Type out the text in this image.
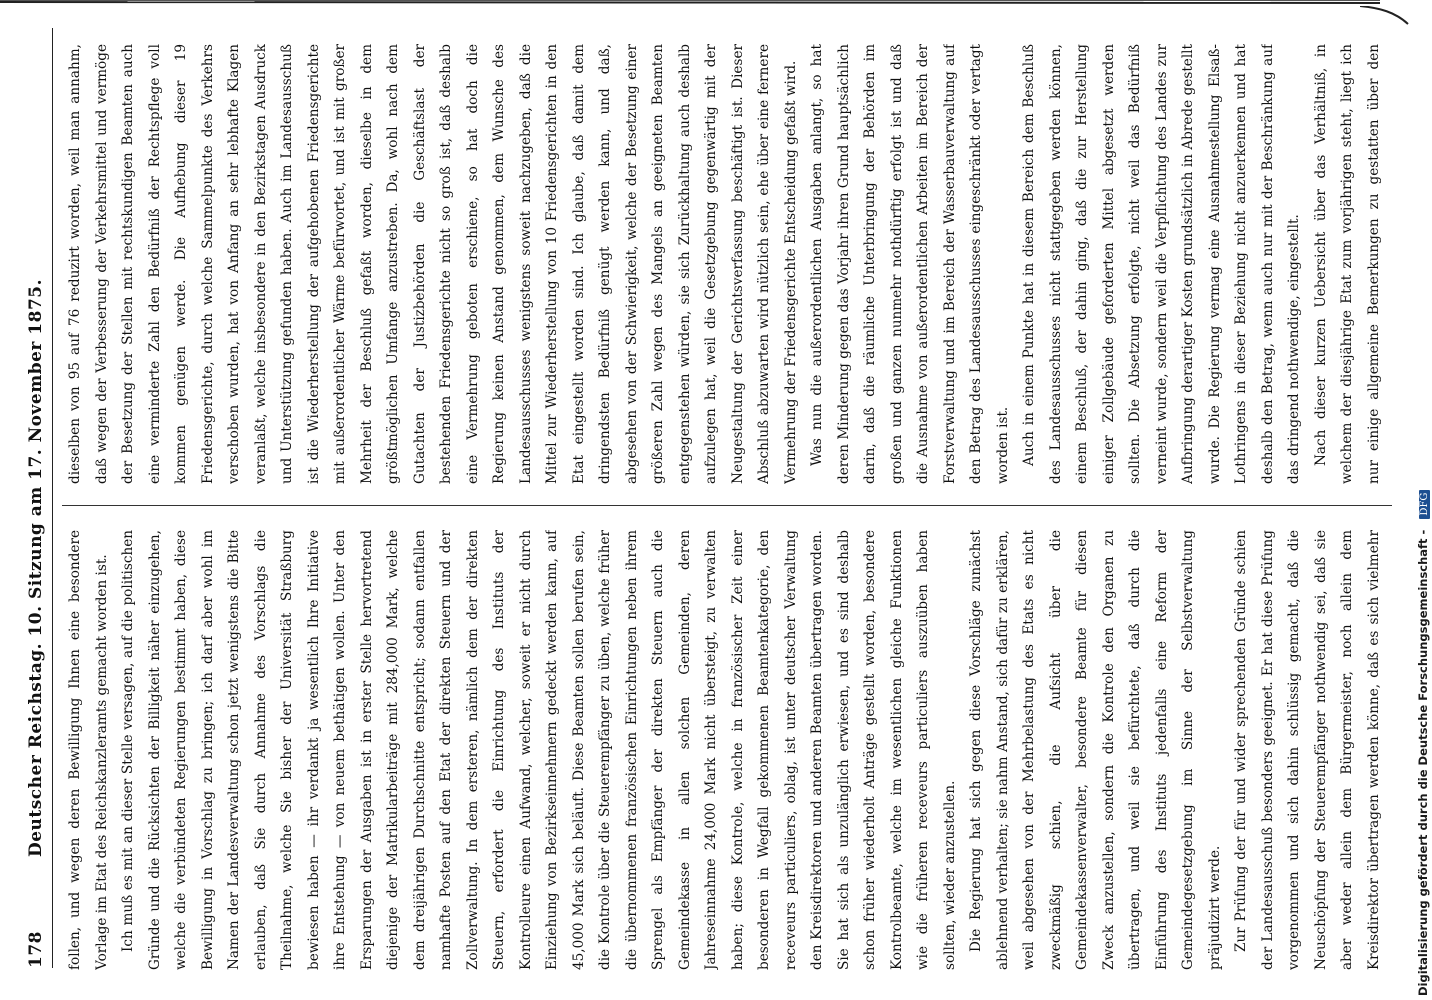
178
Deutscher Reichstag. 10. Sitzung am 17. November 1875.	follen, und wegen deren Bewilligung Ihnen eine besondere Vorlage im Etat des Reichskanzleramts gemacht worden ist. Ich muß es mit an dieser Stelle versagen, auf die politischen Gründe und die Rücksichten der Billigkeit näher einzugehen, welche die verbündeten Regierungen bestimmt haben, diese Bewilligung in Vorschlag zu bringen; ich darf aber wohl im Namen der Landesverwaltung schon jetzt wenigstens die Bitte erlauben, daß Sie durch Annahme des Vorschlags die Theilnahme, welche Sie bisher der Universität Straßburg bewiesen haben — ihr verdankt ja wesentlich Ihre Initiative ihre Entstehung — von neuem bethätigen wollen. Unter den Ersparungen der Ausgaben ist in erster Stelle hervortretend diejenige der Matrikularbeiträge mit 284,000 Mark, welche dem dreijährigen Durchschnitte entspricht; sodann entfallen namhafte Posten auf den Etat der direkten Steuern und der Zollverwaltung. In dem ersteren, nämlich dem der direkten Steuern, erfordert die Einrichtung des Instituts der Kontrolleure einen Aufwand, welcher, soweit er nicht durch Einziehung von Bezirkseinnehmern gedeckt werden kann, auf 45,000 Mark sich beläuft. Diese Beamten sollen berufen sein, die Kontrole über die Steuerempfänger zu üben, welche früher die übernommenen französischen Einrichtungen neben ihrem Sprengel als Empfänger der direkten Steuern auch die Gemeindekasse in allen solchen Gemeinden, deren Jahreseinnahme 24,000 Mark nicht übersteigt, zu verwalten haben; diese Kontrole, welche in französischer Zeit einer besonderen in Wegfall gekommenen Beamtenkategorie, den receveurs particuliers, oblag, ist unter deutscher Verwaltung den Kreisdirektoren und anderen Beamten übertragen worden. Sie hat sich als unzulänglich erwiesen, und es sind deshalb schon früher wiederholt Anträge gestellt worden, besondere Kontrolbeamte, welche im wesentlichen gleiche Funktionen wie die früheren receveurs particuliers auszuüben haben sollten, wieder anzustellen. Die Regierung hat sich gegen diese Vorschläge zunächst ablehnend verhalten; sie nahm Anstand, sich dafür zu erklären, weil abgesehen von der Mehrbelastung des Etats es nicht zweckmäßig schien, die Aufsicht über die Gemeindekassenverwalter, besondere Beamte für diesen Zweck anzustellen, sondern die Kontrole den Organen zu übertragen, und weil sie befürchtete, daß durch die Einführung des Instituts jedenfalls eine Reform der Gemeindegesetzgebung im Sinne der Selbstverwaltung präjudizirt werde. Zur Prüfung der für und wider sprechenden Gründe schien der Landesausschuß besonders geeignet. Er hat diese Prüfung vorgenommen und sich dahin schlüssig gemacht, daß die Neuschöpfung der Steuerempfänger nothwendig sei, daß sie aber weder allein dem Bürgermeister, noch allein dem Kreisdirektor übertragen werden könne, daß es sich vielmehr

dieselben von 95 auf 76 reduzirt worden, weil man annahm, daß wegen der Verbesserung der Verkehrsmittel und vermöge der Besetzung der Stellen mit rechtskundigen Beamten auch eine verminderte Zahl den Bedürfniß der Rechtspflege voll kommen genügen werde. Die Aufhebung dieser 19 Friedensgerichte, durch welche Sammelpunkte des Verkehrs verschoben wurden, hat von Anfang an sehr lebhafte Klagen veranlaßt, welche insbesondere in den Bezirkstagen Ausdruck und Unterstützung gefunden haben. Auch im Landesausschuß ist die Wiederherstellung der aufgehobenen Friedensgerichte mit außerordentlicher Wärme befürwortet, und ist mit großer Mehrheit der Beschluß gefaßt worden, dieselbe in dem größtmöglichen Umfange anzustreben. Da, wohl nach dem Gutachten der Justizbehörden die Geschäftslast der bestehenden Friedensgerichte nicht so groß ist, daß deshalb eine Vermehrung geboten erschiene, so hat doch die Regierung keinen Anstand genommen, dem Wunsche des Landesausschusses wenigstens soweit nachzugeben, daß die Mittel zur Wiederherstellung von 10 Friedensgerichten in den Etat eingestellt worden sind. Ich glaube, daß damit dem dringendsten Bedürfniß genügt werden kann, und daß, abgesehen von der Schwierigkeit, welche der Besetzung einer größeren Zahl wegen des Mangels an geeigneten Beamten entgegenstehen würden, sie sich Zurückhaltung auch deshalb aufzulegen hat, weil die Gesetzgebung gegenwärtig mit der Neugestaltung der Gerichtsverfassung beschäftigt ist. Dieser Abschluß abzuwarten wird nützlich sein, ehe über eine fernere Vermehrung der Friedensgerichte Entscheidung gefaßt wird. Was nun die außerordentlichen Ausgaben anlangt, so hat deren Minderung gegen das Vorjahr ihren Grund hauptsächlich darin, daß die räumliche Unterbringung der Behörden im großen und ganzen nunmehr nothdürftig erfolgt ist und daß die Ausnahme von außerordentlichen Arbeiten im Bereich der Forstverwaltung und im Bereich der Wasserbauverwaltung auf den Betrag des Landesausschusses eingeschränkt oder vertagt worden ist. Auch in einem Punkte hat in diesem Bereich dem Beschluß des Landesausschusses nicht stattgegeben werden können, einem Beschluß, der dahin ging, daß die zur Herstellung einiger Zollgebäude geforderten Mittel abgesetzt werden sollten. Die Absetzung erfolgte, nicht weil das Bedürfniß verneint wurde, sondern weil die Verpflichtung des Landes zur Aufbringung derartiger Kosten grundsätzlich in Abrede gestellt wurde. Die Regierung vermag eine Ausnahmestellung Elsaß-Lothringens in dieser Beziehung nicht anzuerkennen und hat deshalb den Betrag, wenn auch nur mit der Beschränkung auf das dringend nothwendige, eingestellt. Nach dieser kurzen Uebersicht über das Verhältniß, in welchem der diesjährige Etat zum vorjährigen steht, liegt ich nur einige allgemeine Bemerkungen zu gestatten über den

Digitalisierung gefördert durch die Deutsche Forschungsgemeinschaft - DFG
